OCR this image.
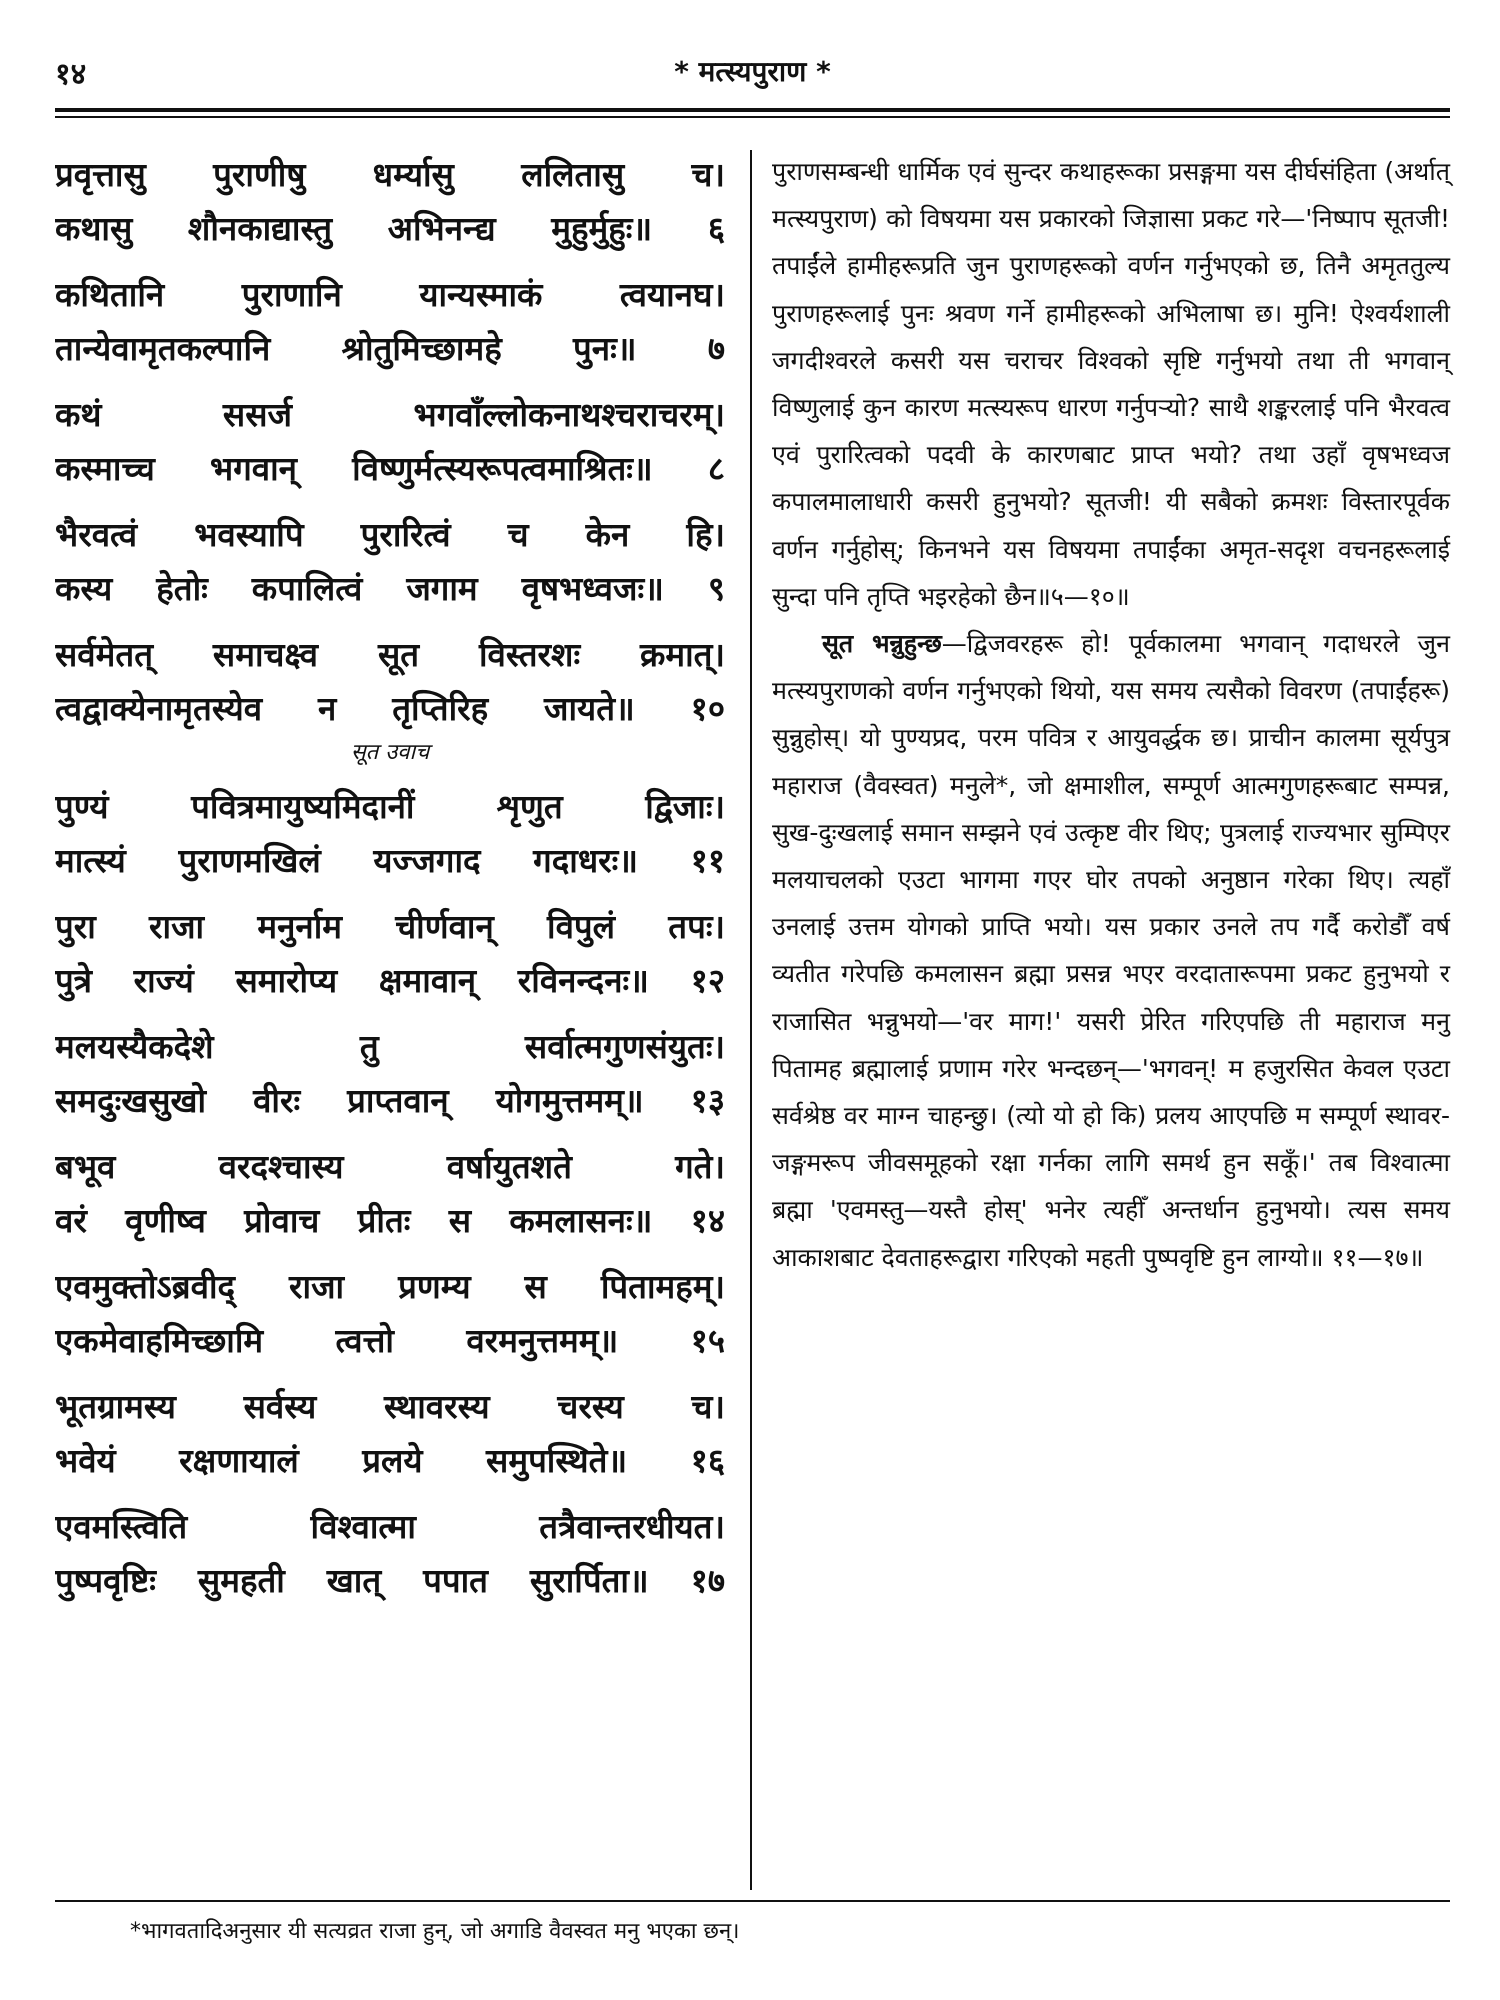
१४	* मत्स्यपुराण *
प्रवृत्तासु पुराणीषु धर्म्यासु ललितासु च।
कथासु शौनकाद्यास्तु अभिनन्द्य मुहुर्मुहुः॥ ६
कथितानि पुराणानि यान्यस्माकं त्वयानघ।
तान्येवामृतकल्पानि श्रोतुमिच्छामहे पुनः॥ ७
कथं ससर्ज भगवाँल्लोकनाथश्चराचरम्।
कस्माच्च भगवान् विष्णुर्मत्स्यरूपत्वमाश्रितः॥ ८
भैरवत्वं भवस्यापि पुरारित्वं च केन हि।
कस्य हेतोः कपालित्वं जगाम वृषभध्वजः॥ ९
सर्वमेतत् समाचक्ष्व सूत विस्तरशः क्रमात्।
त्वद्वाक्येनामृतस्येव न तृप्तिरिह जायते॥ १०
सूत उवाच
पुण्यं पवित्रमायुष्यमिदानीं शृणुत द्विजाः।
मात्स्यं पुराणमखिलं यज्जगाद गदाधरः॥ ११
पुरा राजा मनुर्नाम चीर्णवान् विपुलं तपः।
पुत्रे राज्यं समारोप्य क्षमावान् रविनन्दनः॥ १२
मलयस्यैकदेशे तु सर्वात्मगुणसंयुतः।
समदुःखसुखो वीरः प्राप्तवान् योगमुत्तमम्॥ १३
बभूव वरदश्चास्य वर्षायुतशते गते।
वरं वृणीष्व प्रोवाच प्रीतः स कमलासनः॥ १४
एवमुक्तोऽब्रवीद् राजा प्रणम्य स पितामहम्।
एकमेवाहमिच्छामि त्वत्तो वरमनुत्तमम्॥ १५
भूतग्रामस्य सर्वस्य स्थावरस्य चरस्य च।
भवेयं रक्षणायालं प्रलये समुपस्थिते॥ १६
एवमस्त्विति विश्वात्मा तत्रैवान्तरधीयत।
पुष्पवृष्टिः सुमहती खात् पपात सुरार्पिता॥ १७

पुराणसम्बन्धी धार्मिक एवं सुन्दर कथाहरूका प्रसङ्गमा यस दीर्घसंहिता (अर्थात् मत्स्यपुराण) को विषयमा यस प्रकारको जिज्ञासा प्रकट गरे—'निष्पाप सूतजी! तपाईंले हामीहरूप्रति जुन पुराणहरूको वर्णन गर्नुभएको छ, तिनै अमृततुल्य पुराणहरूलाई पुनः श्रवण गर्ने हामीहरूको अभिलाषा छ। मुनि! ऐश्वर्यशाली जगदीश्वरले कसरी यस चराचर विश्वको सृष्टि गर्नुभयो तथा ती भगवान् विष्णुलाई कुन कारण मत्स्यरूप धारण गर्नुपर्‍यो? साथै शङ्करलाई पनि भैरवत्व एवं पुरारित्वको पदवी के कारणबाट प्राप्त भयो? तथा उहाँ वृषभध्वज कपालमालाधारी कसरी हुनुभयो? सूतजी! यी सबैको क्रमशः विस्तारपूर्वक वर्णन गर्नुहोस्; किनभने यस विषयमा तपाईंका अमृत-सदृश वचनहरूलाई सुन्दा पनि तृप्ति भइरहेको छैन॥५—१०॥

सूत भन्नुहुन्छ—द्विजवरहरू हो! पूर्वकालमा भगवान् गदाधरले जुन मत्स्यपुराणको वर्णन गर्नुभएको थियो, यस समय त्यसैको विवरण (तपाईंहरू) सुन्नुहोस्। यो पुण्यप्रद, परम पवित्र र आयुवर्द्धक छ। प्राचीन कालमा सूर्यपुत्र महाराज (वैवस्वत) मनुले*, जो क्षमाशील, सम्पूर्ण आत्मगुणहरूबाट सम्पन्न, सुख-दुःखलाई समान सम्झने एवं उत्कृष्ट वीर थिए; पुत्रलाई राज्यभार सुम्पिएर मलयाचलको एउटा भागमा गएर घोर तपको अनुष्ठान गरेका थिए। त्यहाँ उनलाई उत्तम योगको प्राप्ति भयो। यस प्रकार उनले तप गर्दै करोडौँ वर्ष व्यतीत गरेपछि कमलासन ब्रह्मा प्रसन्न भएर वरदातारूपमा प्रकट हुनुभयो र राजासित भन्नुभयो—'वर माग!' यसरी प्रेरित गरिएपछि ती महाराज मनु पितामह ब्रह्मालाई प्रणाम गरेर भन्दछन्—'भगवन्! म हजुरसित केवल एउटा सर्वश्रेष्ठ वर माग्न चाहन्छु। (त्यो यो हो कि) प्रलय आएपछि म सम्पूर्ण स्थावर-जङ्गमरूप जीवसमूहको रक्षा गर्नका लागि समर्थ हुन सकूँ।' तब विश्वात्मा ब्रह्मा 'एवमस्तु—यस्तै होस्' भनेर त्यहीँ अन्तर्धान हुनुभयो। त्यस समय आकाशबाट देवताहरूद्वारा गरिएको महती पुष्पवृष्टि हुन लाग्यो॥ ११—१७॥

*भागवतादिअनुसार यी सत्यव्रत राजा हुन्, जो अगाडि वैवस्वत मनु भएका छन्।
